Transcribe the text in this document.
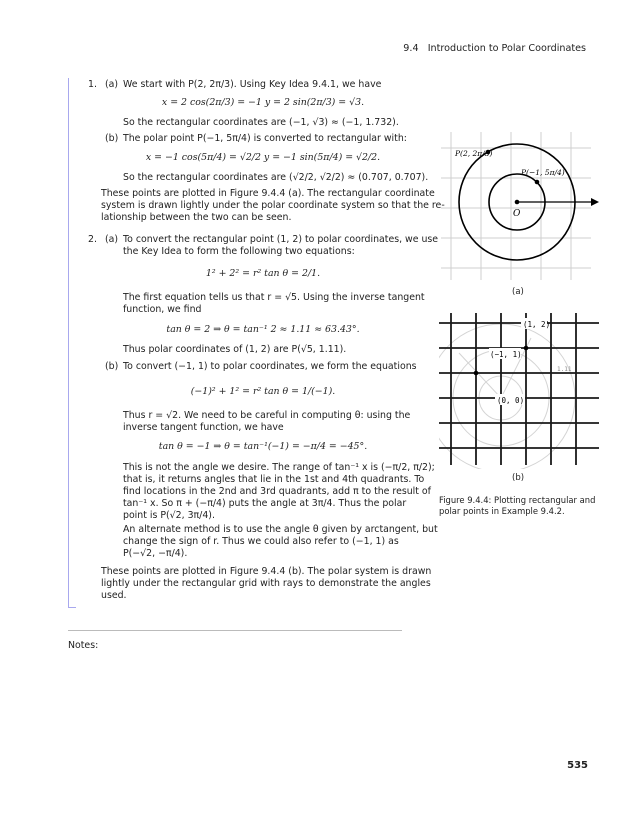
9.4 Introduction to Polar Coordinates
1. (a) We start with P(2, 2π/3). Using Key Idea 9.4.1, we have
x = 2 cos(2π/3) = −1 y = 2 sin(2π/3) = √3.
So the rectangular coordinates are (−1, √3) ≈ (−1, 1.732).
(b) The polar point P(−1, 5π/4) is converted to rectangular with:
x = −1 cos(5π/4) = √2/2 y = −1 sin(5π/4) = √2/2.
So the rectangular coordinates are (√2/2, √2/2) ≈ (0.707, 0.707).
These points are plotted in Figure 9.4.4 (a). The rectangular coordinate
system is drawn lightly under the polar coordinate system so that the re-
lationship between the two can be seen.
2. (a) To convert the rectangular point (1, 2) to polar coordinates, we use
the Key Idea to form the following two equations:
1² + 2² = r² tan θ = 2/1.
The first equation tells us that r = √5. Using the inverse tangent
function, we find
tan θ = 2 ⇒ θ = tan⁻¹ 2 ≈ 1.11 ≈ 63.43°.
Thus polar coordinates of (1, 2) are P(√5, 1.11).
(b) To convert (−1, 1) to polar coordinates, we form the equations
(−1)² + 1² = r² tan θ = 1/(−1).
Thus r = √2. We need to be careful in computing θ: using the
inverse tangent function, we have
tan θ = −1 ⇒ θ = tan⁻¹(−1) = −π/4 = −45°.
This is not the angle we desire. The range of tan⁻¹ x is (−π/2, π/2);
that is, it returns angles that lie in the 1st and 4th quadrants. To
find locations in the 2nd and 3rd quadrants, add π to the result of
tan⁻¹ x. So π + (−π/4) puts the angle at 3π/4. Thus the polar
point is P(√2, 3π/4).
An alternate method is to use the angle θ given by arctangent, but
change the sign of r. Thus we could also refer to (−1, 1) as
P(−√2, −π/4).
These points are plotted in Figure 9.4.4 (b). The polar system is drawn
lightly under the rectangular grid with rays to demonstrate the angles
used.
P(2, 2π/3)
P(−1, 5π/4)
O
(a)
(1, 2)
(−1, 1)
(0, 0)
1.11
(b)
Figure 9.4.4: Plotting rectangular and polar points in Example 9.4.2.
Notes:
535
